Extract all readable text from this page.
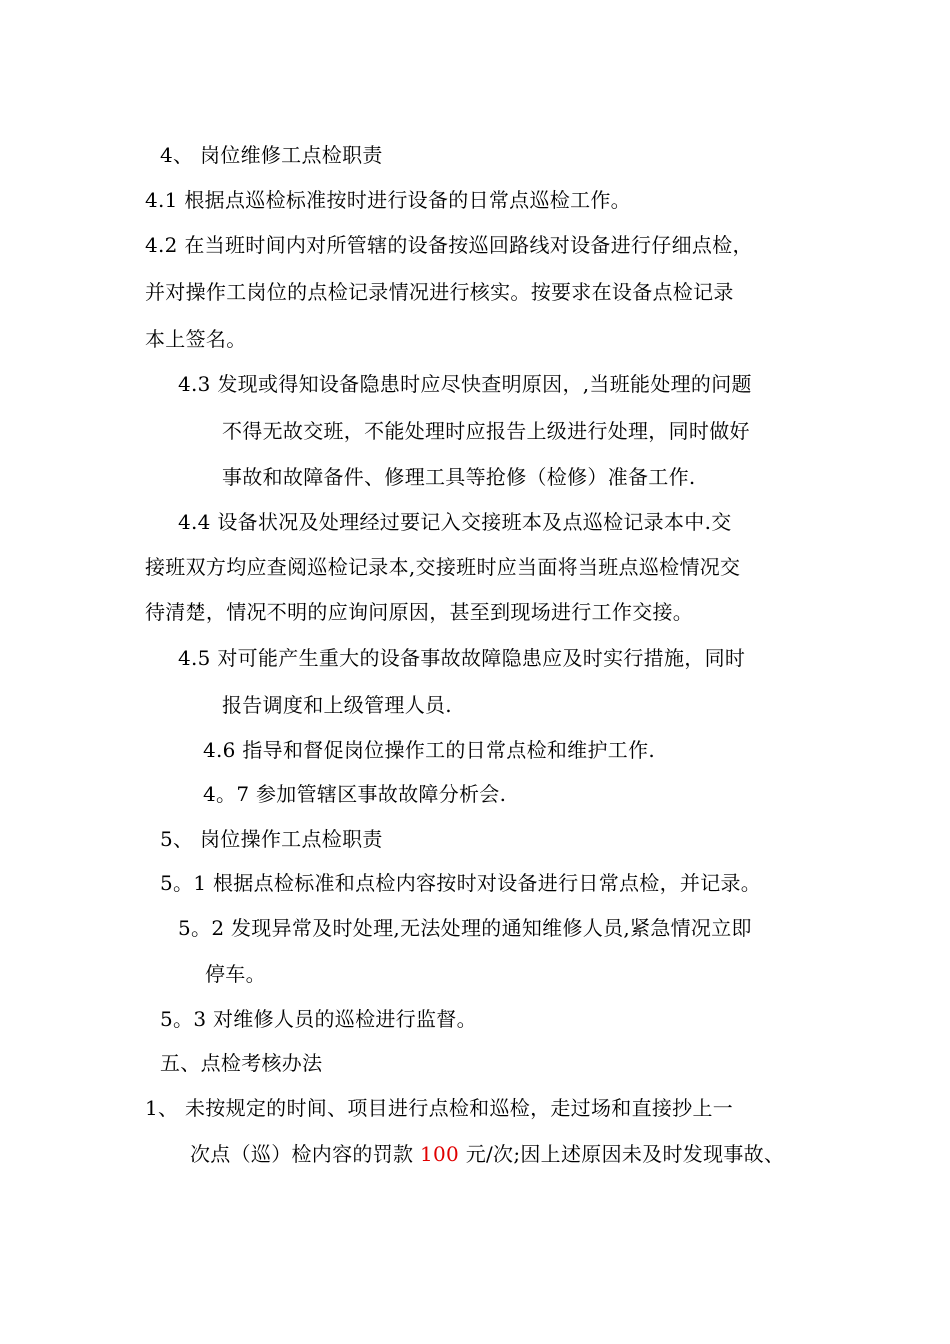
4、 岗位维修工点检职责
4.1 根据点巡检标准按时进行设备的日常点巡检工作。
4.2 在当班时间内对所管辖的设备按巡回路线对设备进行仔细点检，
并对操作工岗位的点检记录情况进行核实。按要求在设备点检记录
本上签名。
4.3 发现或得知设备隐患时应尽快查明原因，,当班能处理的问题
不得无故交班，不能处理时应报告上级进行处理，同时做好
事故和故障备件、修理工具等抢修（检修）准备工作.
4.4 设备状况及处理经过要记入交接班本及点巡检记录本中.交
接班双方均应查阅巡检记录本,交接班时应当面将当班点巡检情况交
待清楚，情况不明的应询问原因，甚至到现场进行工作交接。
4.5 对可能产生重大的设备事故故障隐患应及时实行措施，同时
报告调度和上级管理人员.
4.6 指导和督促岗位操作工的日常点检和维护工作.
4。7 参加管辖区事故故障分析会.
5、 岗位操作工点检职责
5。1 根据点检标准和点检内容按时对设备进行日常点检，并记录。
5。2 发现异常及时处理,无法处理的通知维修人员,紧急情况立即
停车。
5。3 对维修人员的巡检进行监督。
五、点检考核办法
1、 未按规定的时间、项目进行点检和巡检，走过场和直接抄上一
次点（巡）检内容的罚款 100 元/次;因上述原因未及时发现事故、
